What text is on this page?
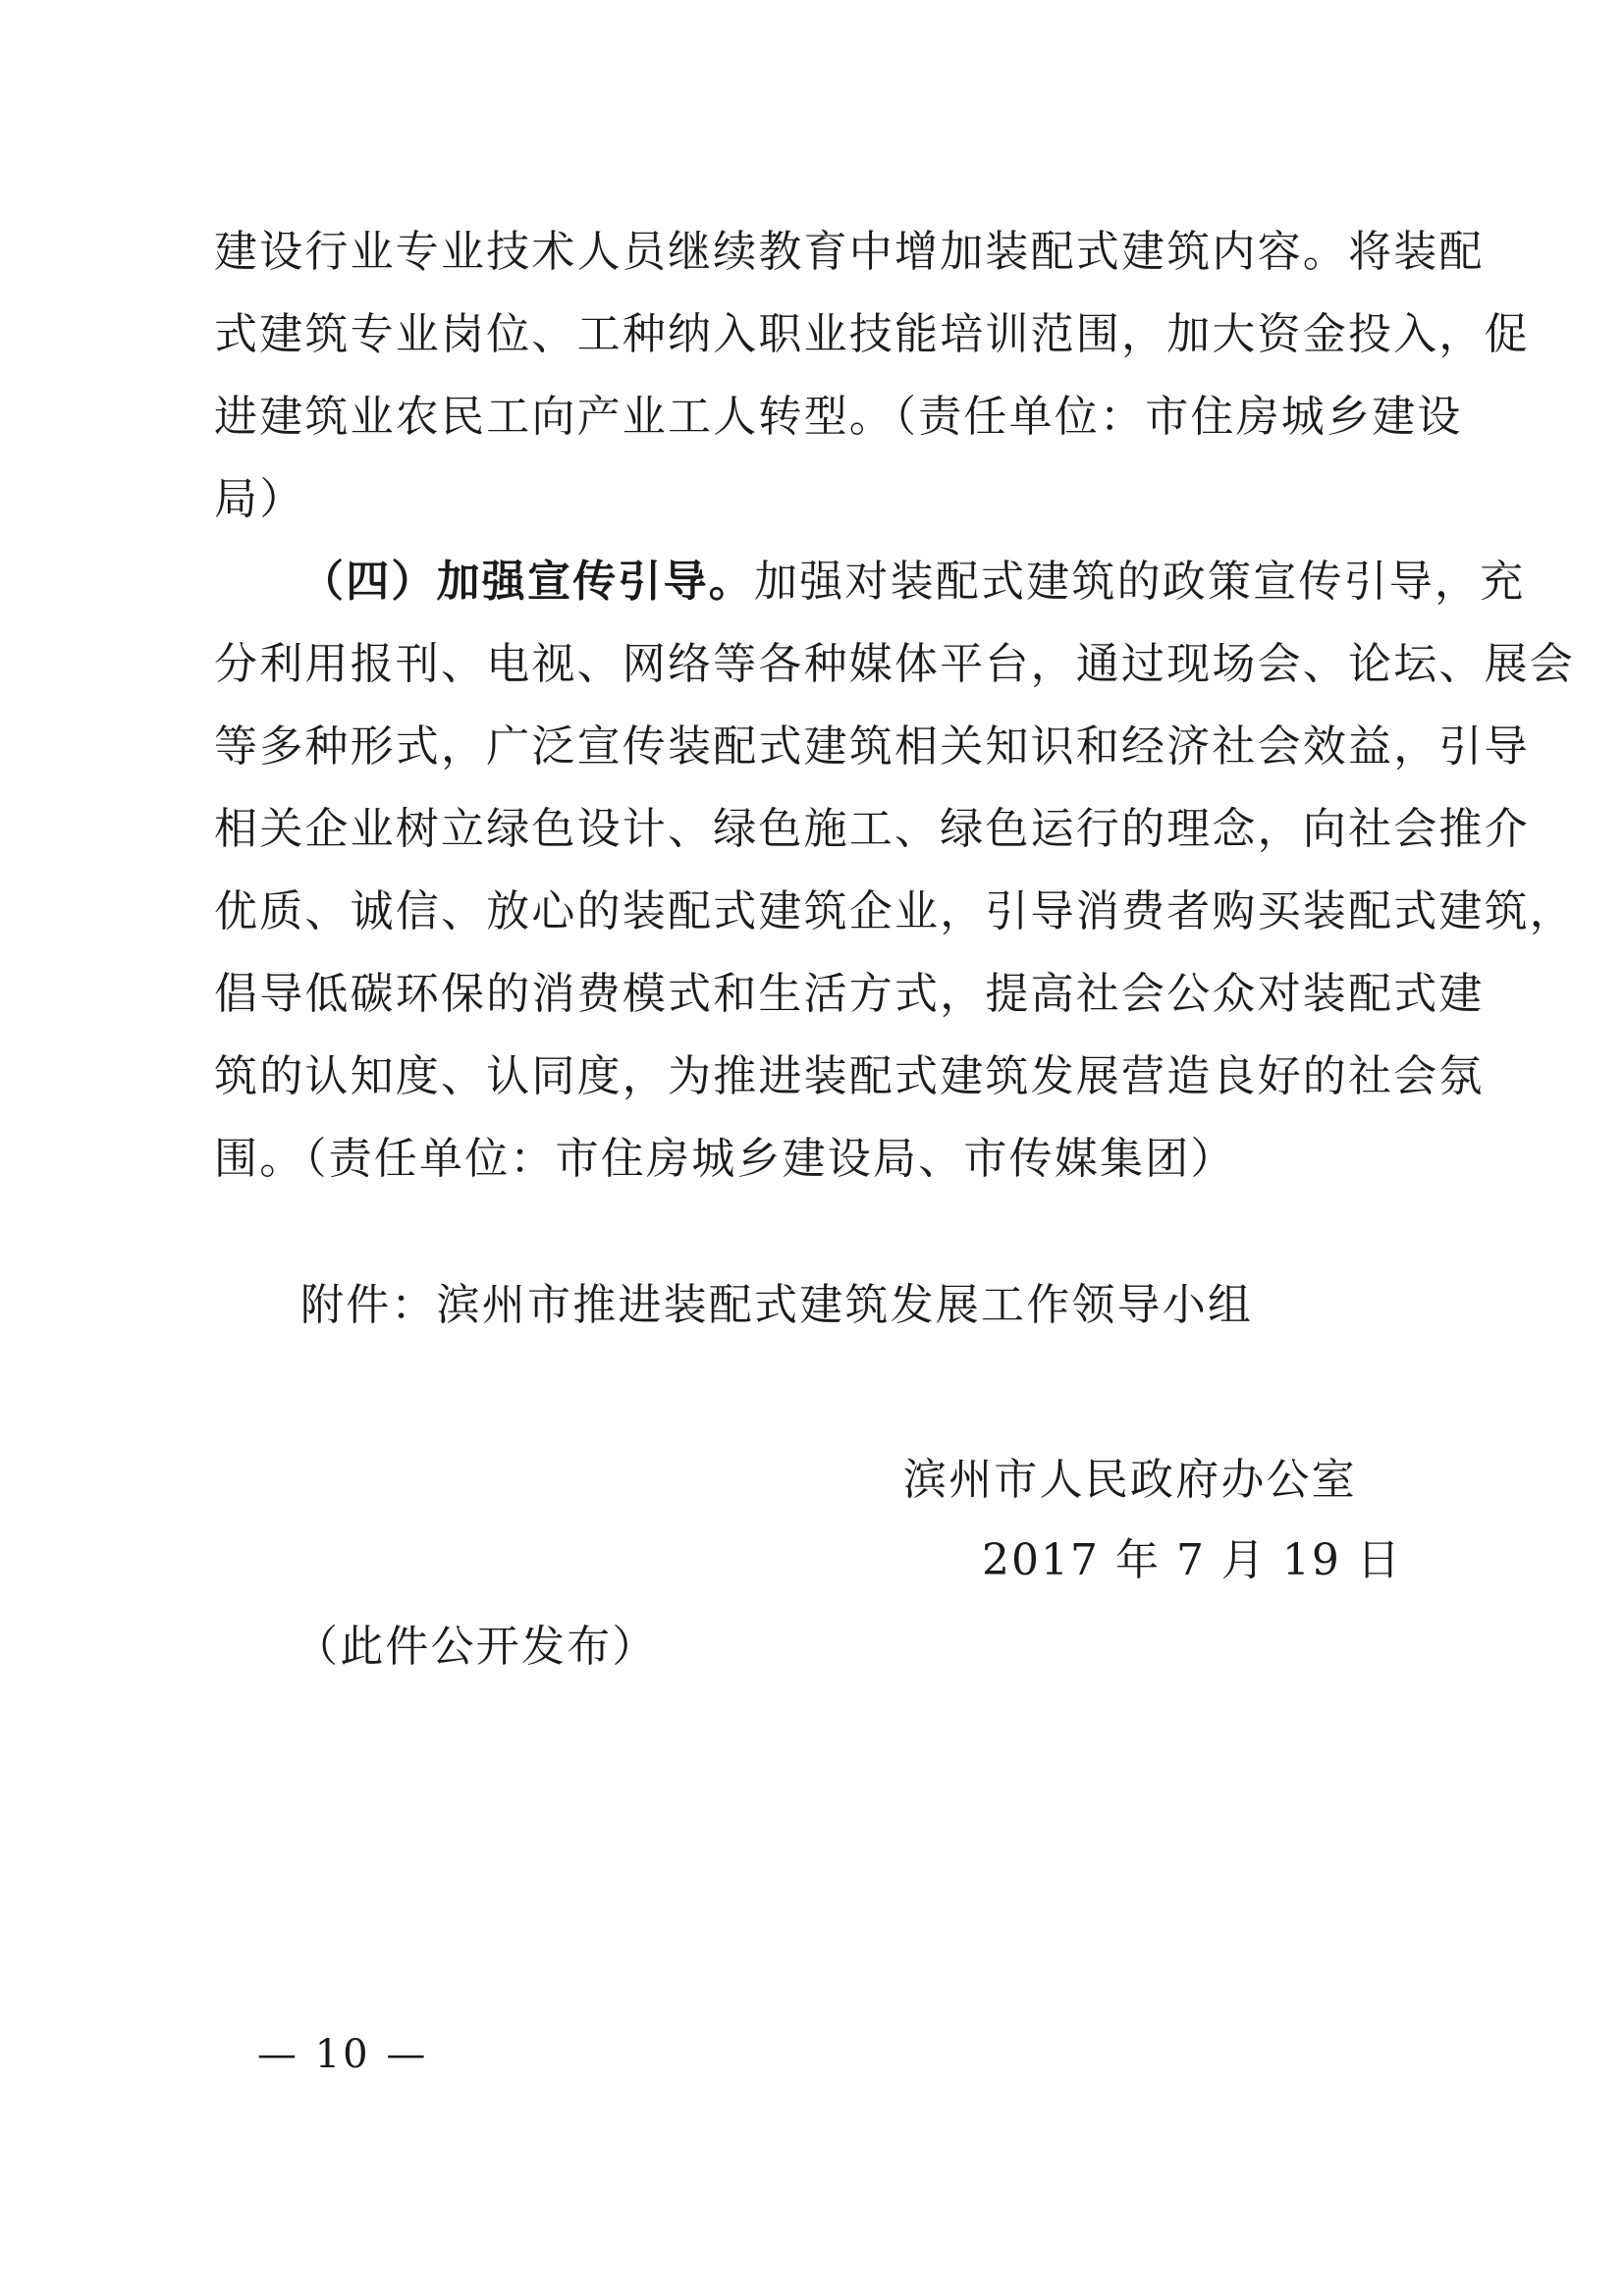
建设行业专业技术人员继续教育中增加装配式建筑内容。将装配
式建筑专业岗位、工种纳入职业技能培训范围，加大资金投入，促
进建筑业农民工向产业工人转型。（责任单位：市住房城乡建设
局）
（四）加强宣传引导。加强对装配式建筑的政策宣传引导，充
分利用报刊、电视、网络等各种媒体平台，通过现场会、论坛、展会
等多种形式，广泛宣传装配式建筑相关知识和经济社会效益，引导
相关企业树立绿色设计、绿色施工、绿色运行的理念，向社会推介
优质、诚信、放心的装配式建筑企业，引导消费者购买装配式建筑，
倡导低碳环保的消费模式和生活方式，提高社会公众对装配式建
筑的认知度、认同度，为推进装配式建筑发展营造良好的社会氛
围。（责任单位：市住房城乡建设局、市传媒集团）
附件：滨州市推进装配式建筑发展工作领导小组
滨州市人民政府办公室
2017 年 7 月 19 日
（此件公开发布）
— 10 —
